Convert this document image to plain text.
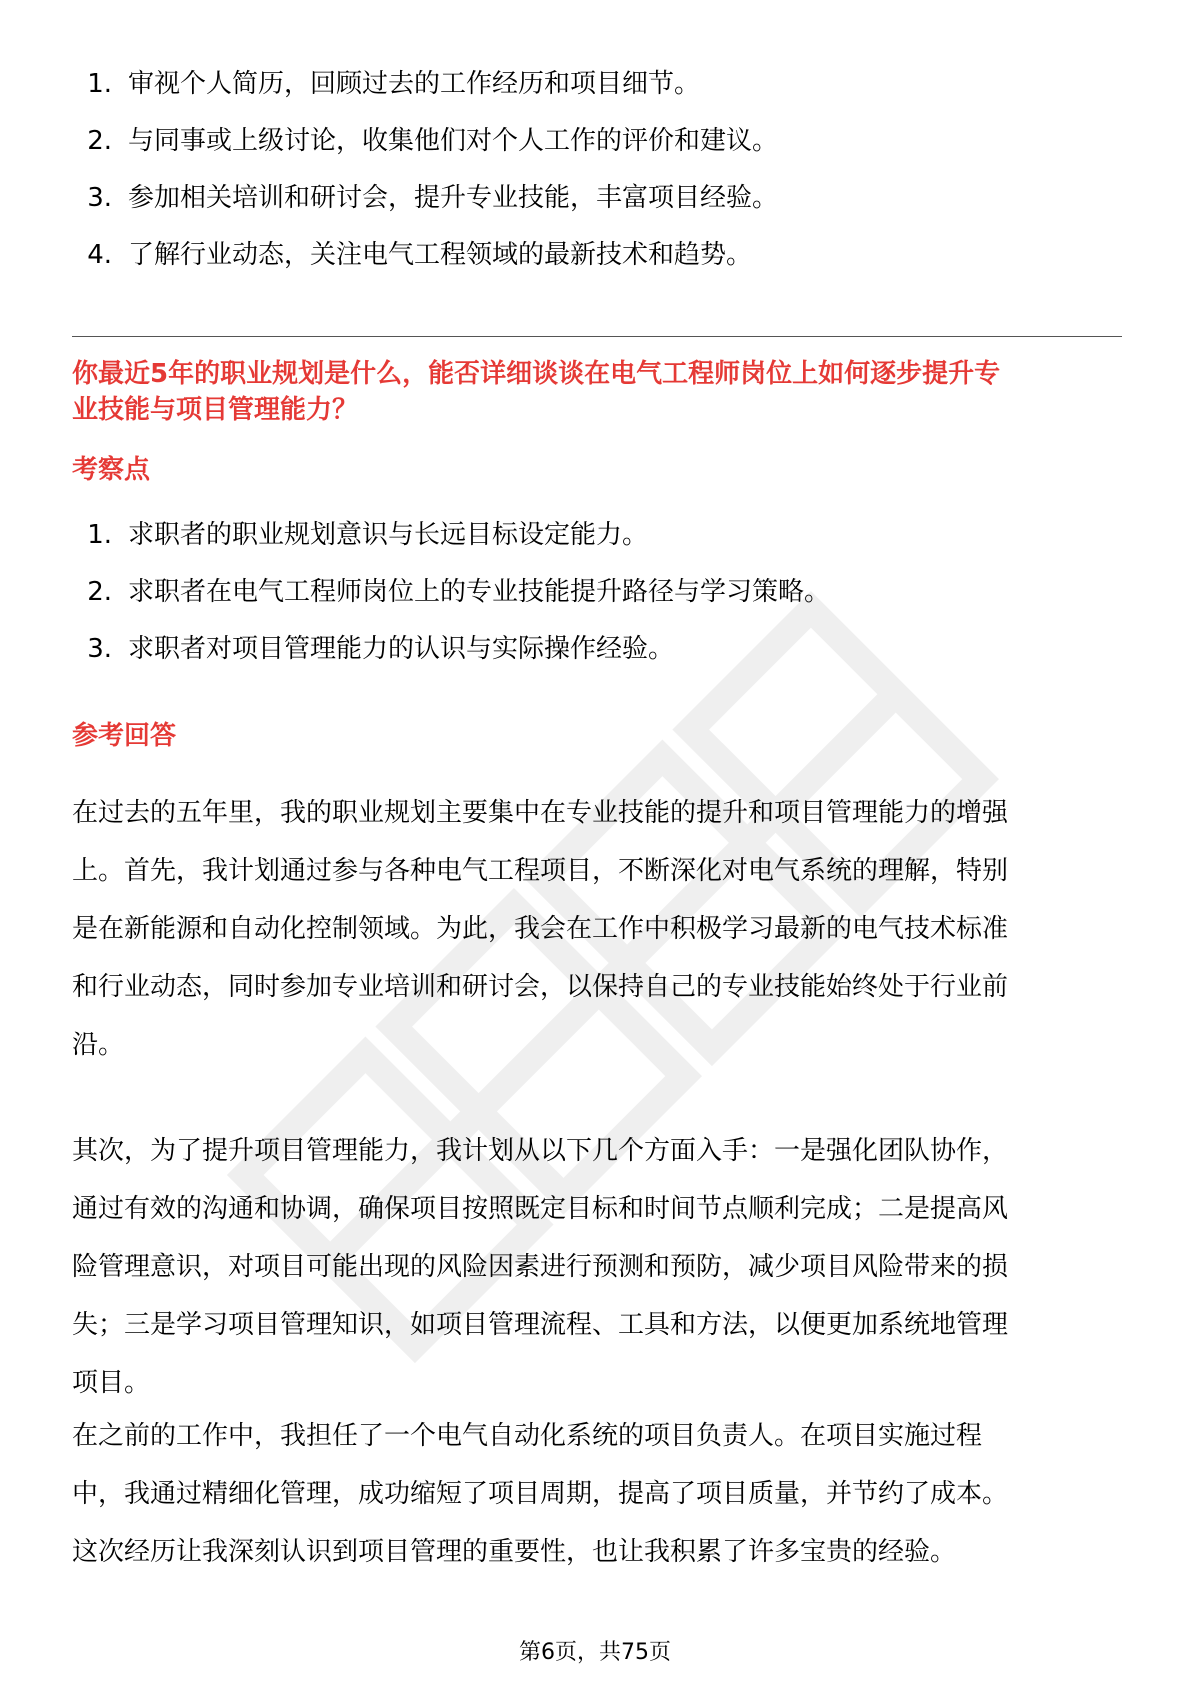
1. 审视个人简历，回顾过去的工作经历和项目细节。
2. 与同事或上级讨论，收集他们对个人工作的评价和建议。
3. 参加相关培训和研讨会，提升专业技能，丰富项目经验。
4. 了解行业动态，关注电气工程领域的最新技术和趋势。
你最近5年的职业规划是什么，能否详细谈谈在电气工程师岗位上如何逐步提升专
业技能与项目管理能力？
考察点
1. 求职者的职业规划意识与长远目标设定能力。
2. 求职者在电气工程师岗位上的专业技能提升路径与学习策略。
3. 求职者对项目管理能力的认识与实际操作经验。
参考回答

在过去的五年里，我的职业规划主要集中在专业技能的提升和项目管理能力的增强
上。首先，我计划通过参与各种电气工程项目，不断深化对电气系统的理解，特别
是在新能源和自动化控制领域。为此，我会在工作中积极学习最新的电气技术标准
和行业动态，同时参加专业培训和研讨会，以保持自己的专业技能始终处于行业前
沿。

其次，为了提升项目管理能力，我计划从以下几个方面入手：一是强化团队协作，
通过有效的沟通和协调，确保项目按照既定目标和时间节点顺利完成；二是提高风
险管理意识，对项目可能出现的风险因素进行预测和预防，减少项目风险带来的损
失；三是学习项目管理知识，如项目管理流程、工具和方法，以便更加系统地管理
项目。

在之前的工作中，我担任了一个电气自动化系统的项目负责人。在项目实施过程
中，我通过精细化管理，成功缩短了项目周期，提高了项目质量，并节约了成本。
这次经历让我深刻认识到项目管理的重要性，也让我积累了许多宝贵的经验。

第6页，共75页
